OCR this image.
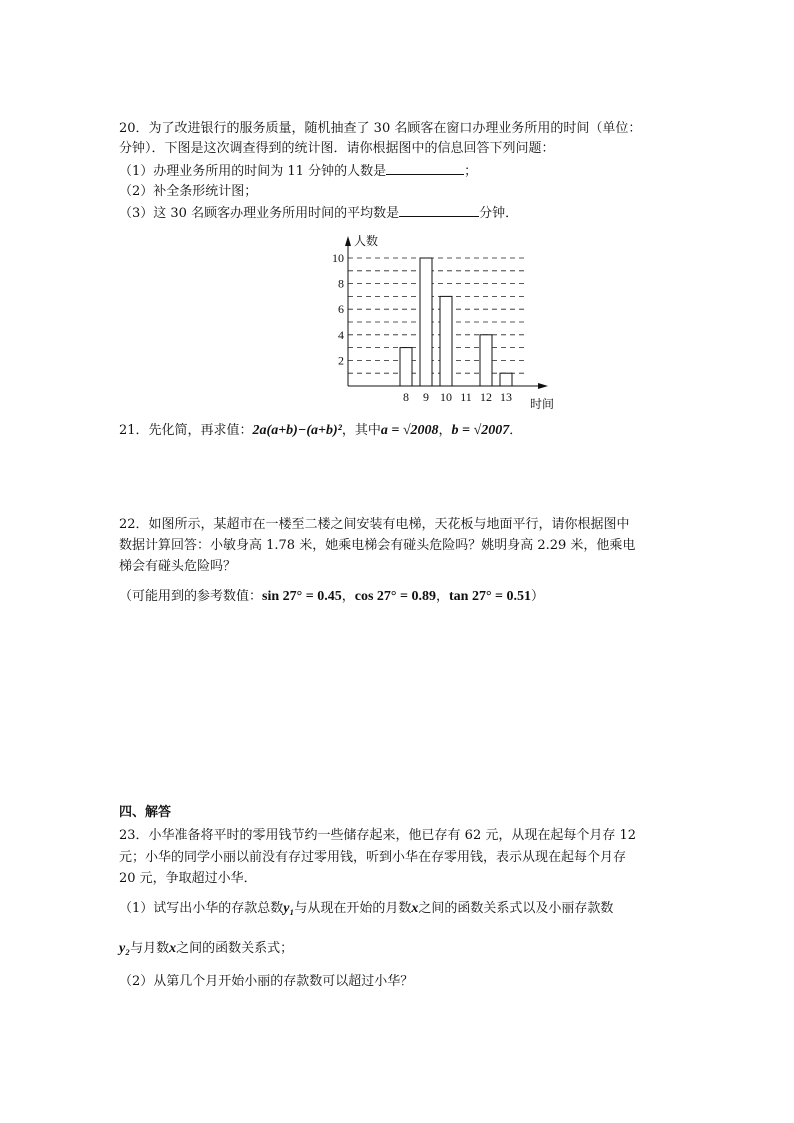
20．为了改进银行的服务质量，随机抽查了 30 名顾客在窗口办理业务所用的时间（单位：
分钟）．下图是这次调查得到的统计图．请你根据图中的信息回答下列问题：
（1）办理业务所用的时间为 11 分钟的人数是	；
（2）补全条形统计图；
（3）这 30 名顾客办理业务所用时间的平均数是	分钟．
8 9 10 11 12 13
2
4
6
8
10
人数
时间
21．先化简，再求值：2a(a+b)−(a+b)²，其中a = √2008，b = √2007．
22．如图所示，某超市在一楼至二楼之间安装有电梯，天花板与地面平行，请你根据图中
数据计算回答：小敏身高 1.78 米，她乘电梯会有碰头危险吗？姚明身高 2.29 米，他乘电
梯会有碰头危险吗？
（可能用到的参考数值：sin 27° = 0.45，cos 27° = 0.89，tan 27° = 0.51）
四、解答
23．小华准备将平时的零用钱节约一些储存起来，他已存有 62 元，从现在起每个月存 12
元；小华的同学小丽以前没有存过零用钱，听到小华在存零用钱，表示从现在起每个月存
20 元，争取超过小华．
（1）试写出小华的存款总数y₁与从现在开始的月数x之间的函数关系式以及小丽存款数
y₂与月数x之间的函数关系式；
（2）从第几个月开始小丽的存款数可以超过小华？
